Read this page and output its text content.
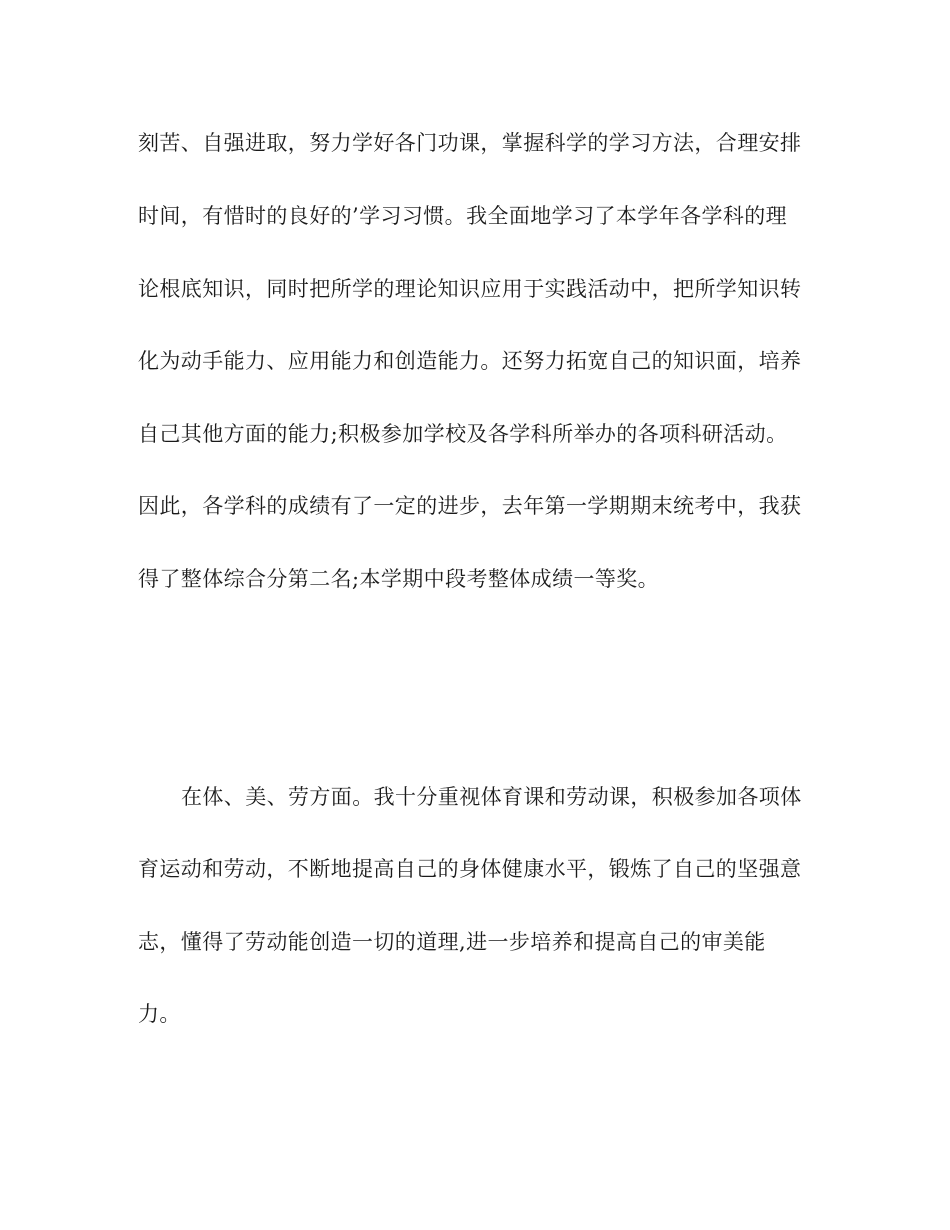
刻苦、自强进取，努力学好各门功课，掌握科学的学习方法，合理安排
时间，有惜时的良好的’学习习惯。我全面地学习了本学年各学科的理
论根底知识，同时把所学的理论知识应用于实践活动中，把所学知识转
化为动手能力、应用能力和创造能力。还努力拓宽自己的知识面，培养
自己其他方面的能力;积极参加学校及各学科所举办的各项科研活动。
因此，各学科的成绩有了一定的进步，去年第一学期期末统考中，我获
得了整体综合分第二名;本学期中段考整体成绩一等奖。
在体、美、劳方面。我十分重视体育课和劳动课，积极参加各项体
育运动和劳动，不断地提高自己的身体健康水平，锻炼了自己的坚强意
志，懂得了劳动能创造一切的道理,进一步培养和提高自己的审美能
力。
